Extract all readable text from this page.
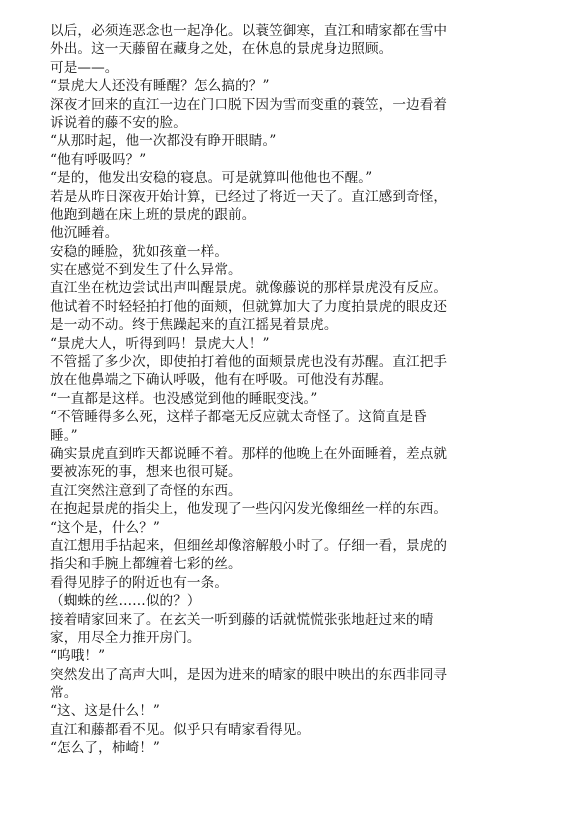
以后，必须连恶念也一起净化。以蓑笠御寒，直江和晴家都在雪中
外出。这一天藤留在藏身之处，在休息的景虎身边照顾。
可是——。
“景虎大人还没有睡醒？怎么搞的？”
深夜才回来的直江一边在门口脱下因为雪而变重的蓑笠，一边看着
诉说着的藤不安的脸。
“从那时起，他一次都没有睁开眼睛。”
“他有呼吸吗？”
“是的，他发出安稳的寝息。可是就算叫他他也不醒。”
若是从昨日深夜开始计算，已经过了将近一天了。直江感到奇怪，
他跑到趟在床上班的景虎的跟前。
他沉睡着。
安稳的睡脸，犹如孩童一样。
实在感觉不到发生了什么异常。
直江坐在枕边尝试出声叫醒景虎。就像藤说的那样景虎没有反应。
他试着不时轻轻拍打他的面颊，但就算加大了力度拍景虎的眼皮还
是一动不动。终于焦躁起来的直江摇晃着景虎。
“景虎大人，听得到吗！景虎大人！”
不管摇了多少次，即使拍打着他的面颊景虎也没有苏醒。直江把手
放在他鼻端之下确认呼吸，他有在呼吸。可他没有苏醒。
“一直都是这样。也没感觉到他的睡眠变浅。”
“不管睡得多么死，这样子都毫无反应就太奇怪了。这简直是昏
睡。”
确实景虎直到昨天都说睡不着。那样的他晚上在外面睡着，差点就
要被冻死的事，想来也很可疑。
直江突然注意到了奇怪的东西。
在抱起景虎的指尖上，他发现了一些闪闪发光像细丝一样的东西。
“这个是，什么？”
直江想用手拈起来，但细丝却像溶解般小时了。仔细一看，景虎的
指尖和手腕上都缠着七彩的丝。
看得见脖子的附近也有一条。
（蜘蛛的丝……似的？）
接着晴家回来了。在玄关一听到藤的话就慌慌张张地赶过来的晴
家，用尽全力推开房门。
“呜哦！”
突然发出了高声大叫，是因为进来的晴家的眼中映出的东西非同寻
常。
“这、这是什么！”
直江和藤都看不见。似乎只有晴家看得见。
“怎么了，柿崎！”
